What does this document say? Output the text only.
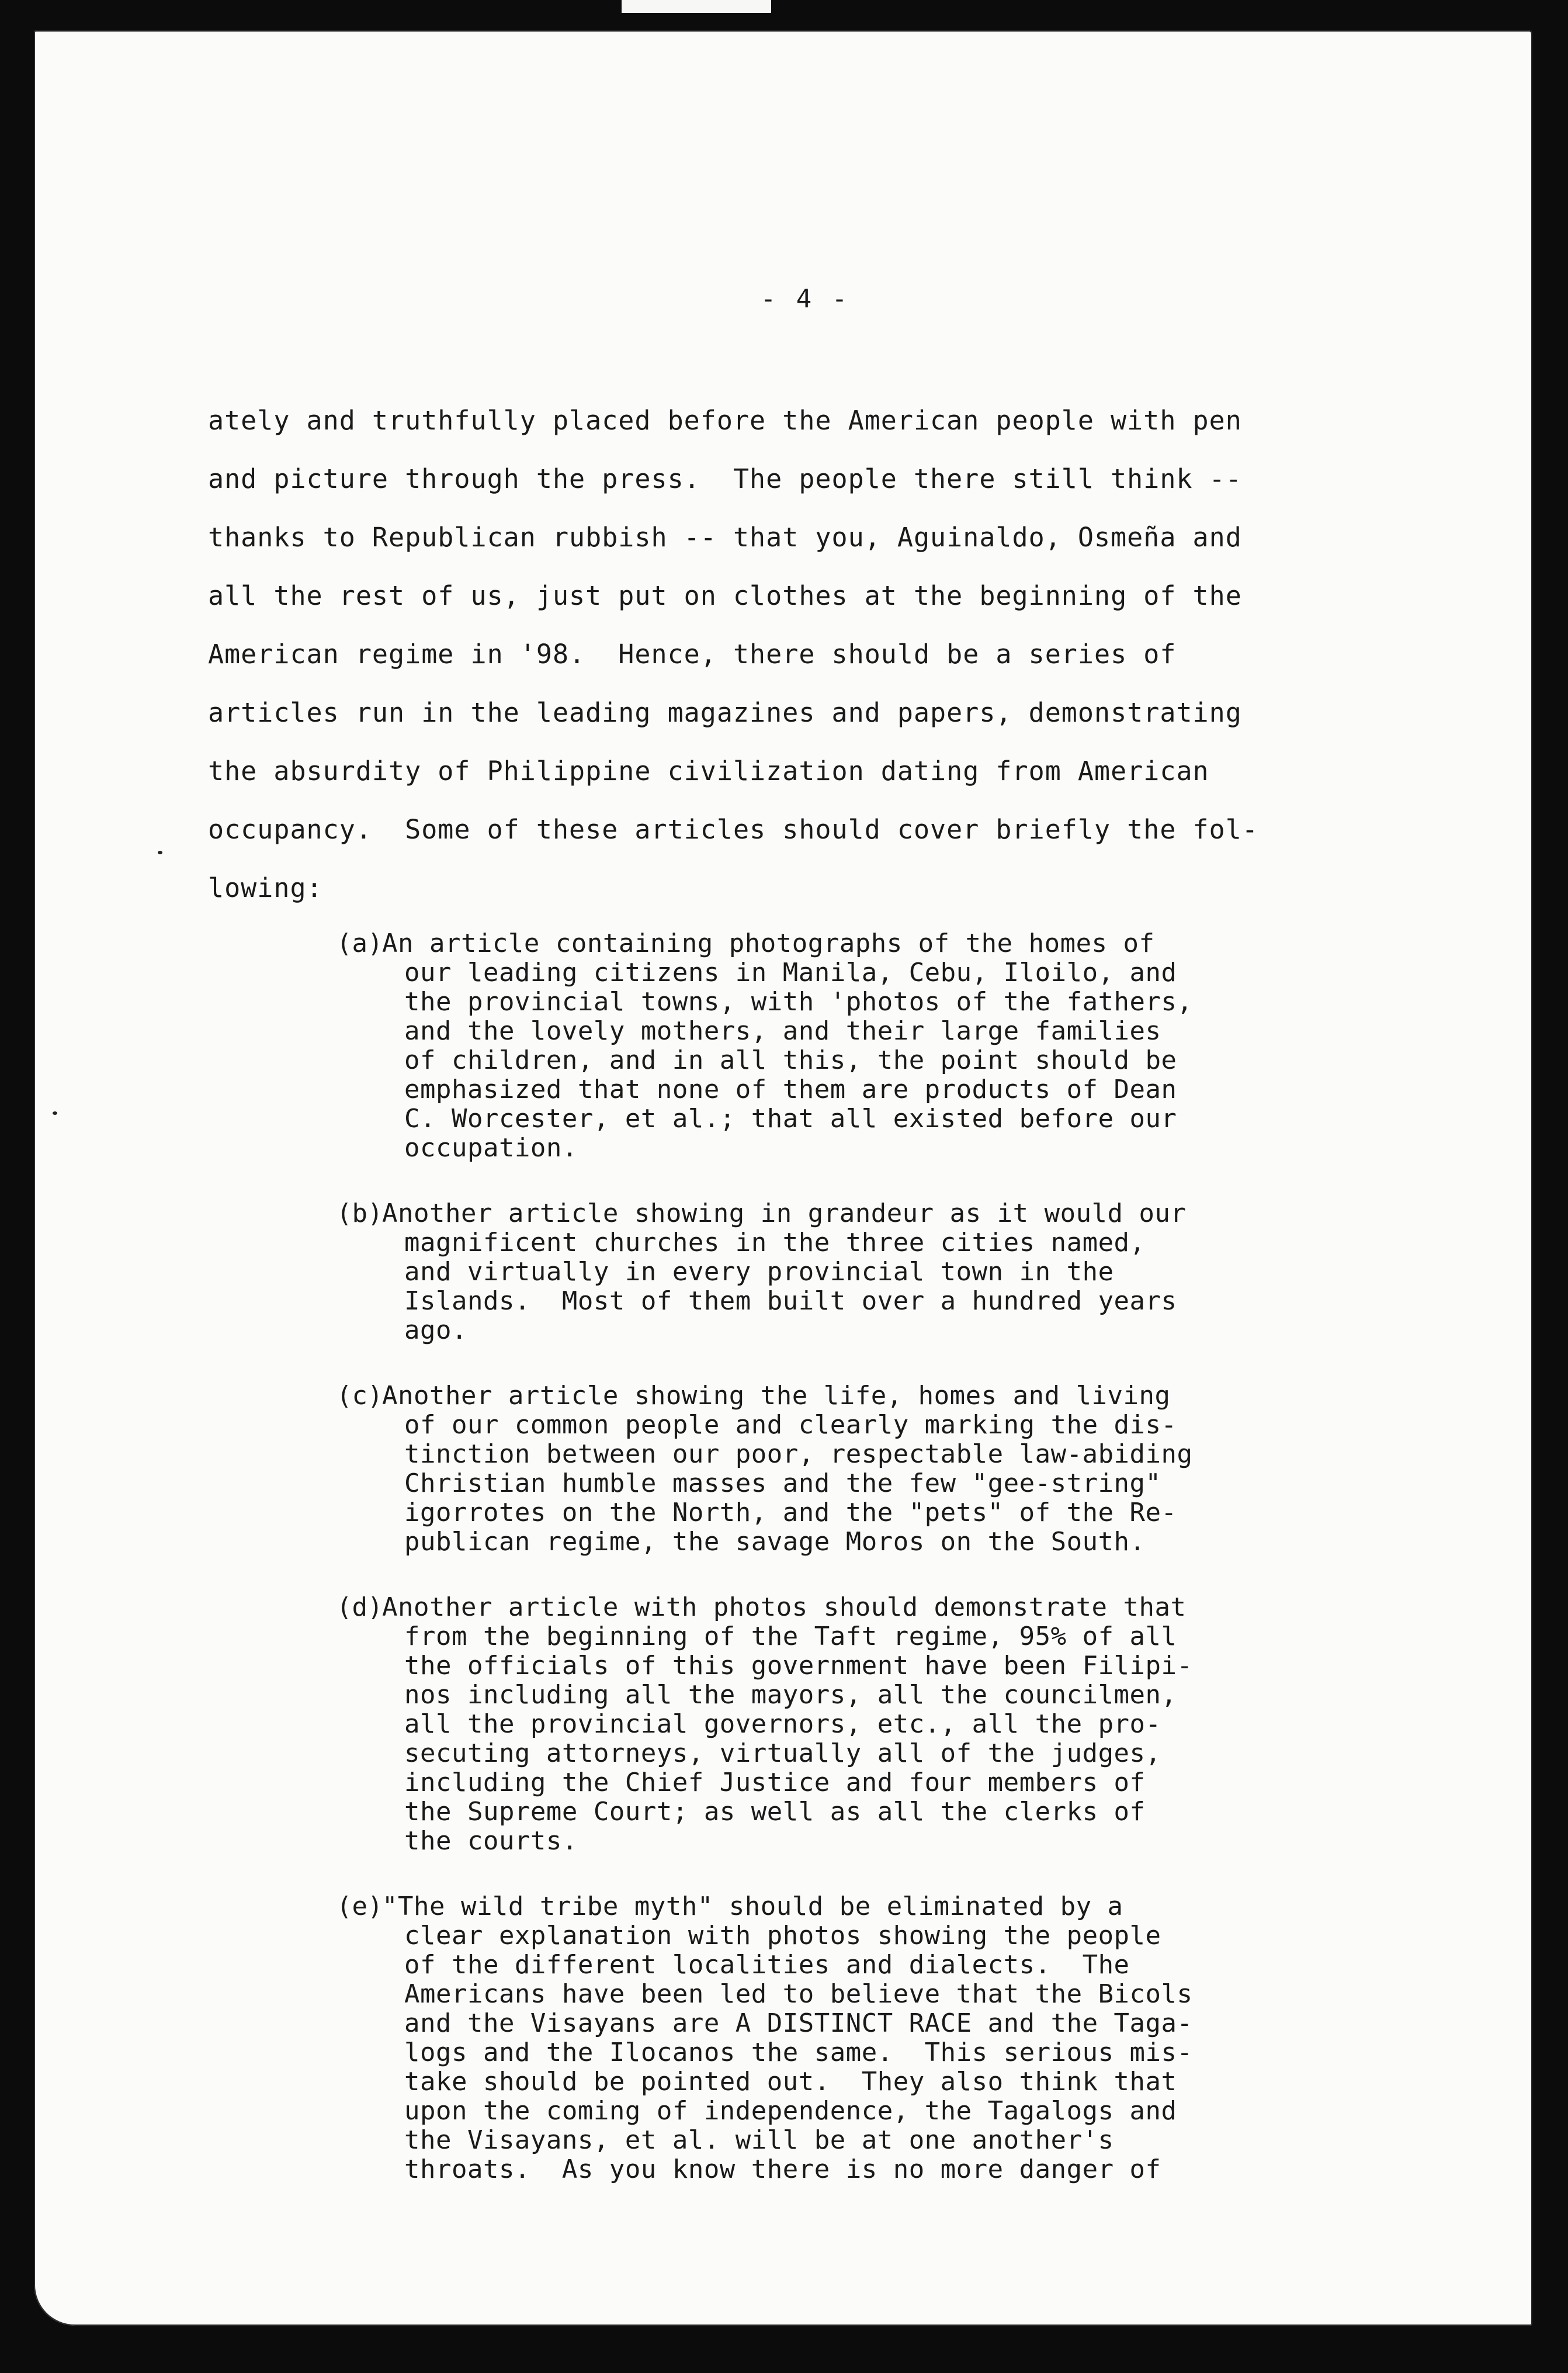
- 4 -

ately and truthfully placed before the American people with pen

and picture through the press.  The people there still think --

thanks to Republican rubbish -- that you, Aguinaldo, Osmeña and

all the rest of us, just put on clothes at the beginning of the

American regime in '98.  Hence, there should be a series of

articles run in the leading magazines and papers, demonstrating

the absurdity of Philippine civilization dating from American

occupancy.  Some of these articles should cover briefly the fol-

lowing:

(a)

An article containing photographs of the homes of

our leading citizens in Manila, Cebu, Iloilo, and

the provincial towns, with 'photos of the fathers,

and the lovely mothers, and their large families

of children, and in all this, the point should be

emphasized that none of them are products of Dean

C. Worcester, et al.; that all existed before our

occupation.

(b)

Another article showing in grandeur as it would our

magnificent churches in the three cities named,

and virtually in every provincial town in the

Islands.  Most of them built over a hundred years

ago.

(c)

Another article showing the life, homes and living

of our common people and clearly marking the dis-

tinction between our poor, respectable law-abiding

Christian humble masses and the few "gee-string"

igorrotes on the North, and the "pets" of the Re-

publican regime, the savage Moros on the South.

(d)

Another article with photos should demonstrate that

from the beginning of the Taft regime, 95% of all

the officials of this government have been Filipi-

nos including all the mayors, all the councilmen,

all the provincial governors, etc., all the pro-

secuting attorneys, virtually all of the judges,

including the Chief Justice and four members of

the Supreme Court; as well as all the clerks of

the courts.

(e)

"The wild tribe myth" should be eliminated by a

clear explanation with photos showing the people

of the different localities and dialects.  The

Americans have been led to believe that the Bicols

and the Visayans are A DISTINCT RACE and the Taga-

logs and the Ilocanos the same.  This serious mis-

take should be pointed out.  They also think that

upon the coming of independence, the Tagalogs and

the Visayans, et al. will be at one another's

throats.  As you know there is no more danger of
